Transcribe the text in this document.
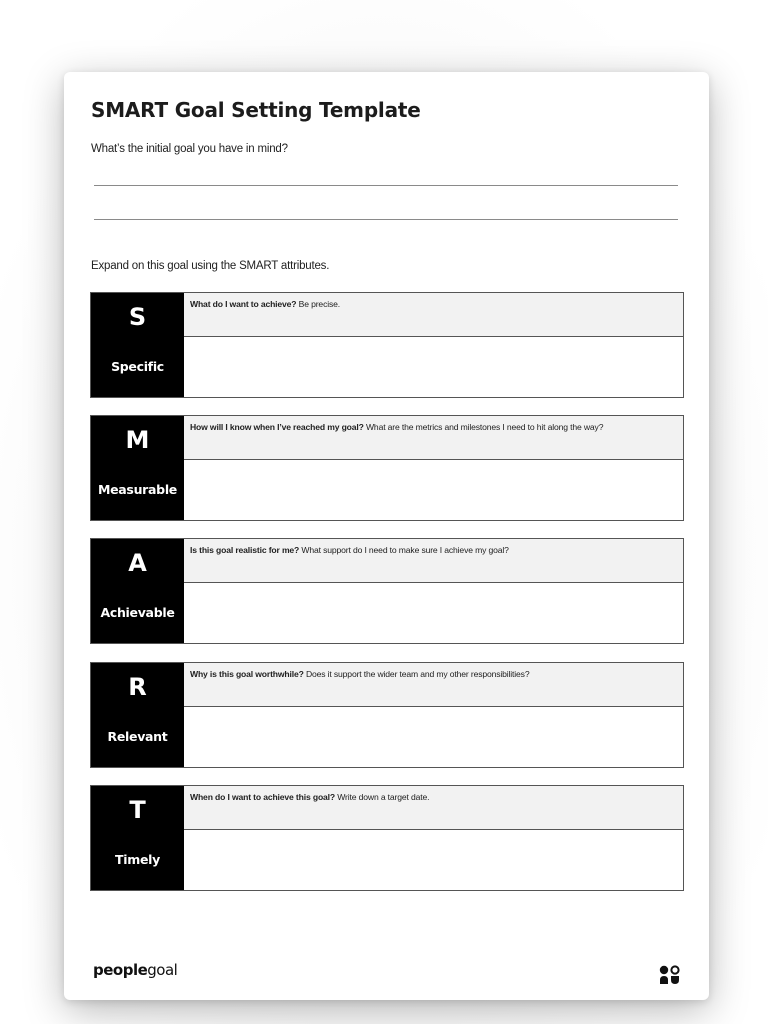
SMART Goal Setting Template
What’s the initial goal you have in mind?
Expand on this goal using the SMART attributes.
S
Specific
What do I want to achieve? Be precise.
M
Measurable
How will I know when I’ve reached my goal? What are the metrics and milestones I need to hit along the way?
A
Achievable
Is this goal realistic for me? What support do I need to make sure I achieve my goal?
R
Relevant
Why is this goal worthwhile? Does it support the wider team and my other responsibilities?
T
Timely
When do I want to achieve this goal? Write down a target date.
peoplegoal
